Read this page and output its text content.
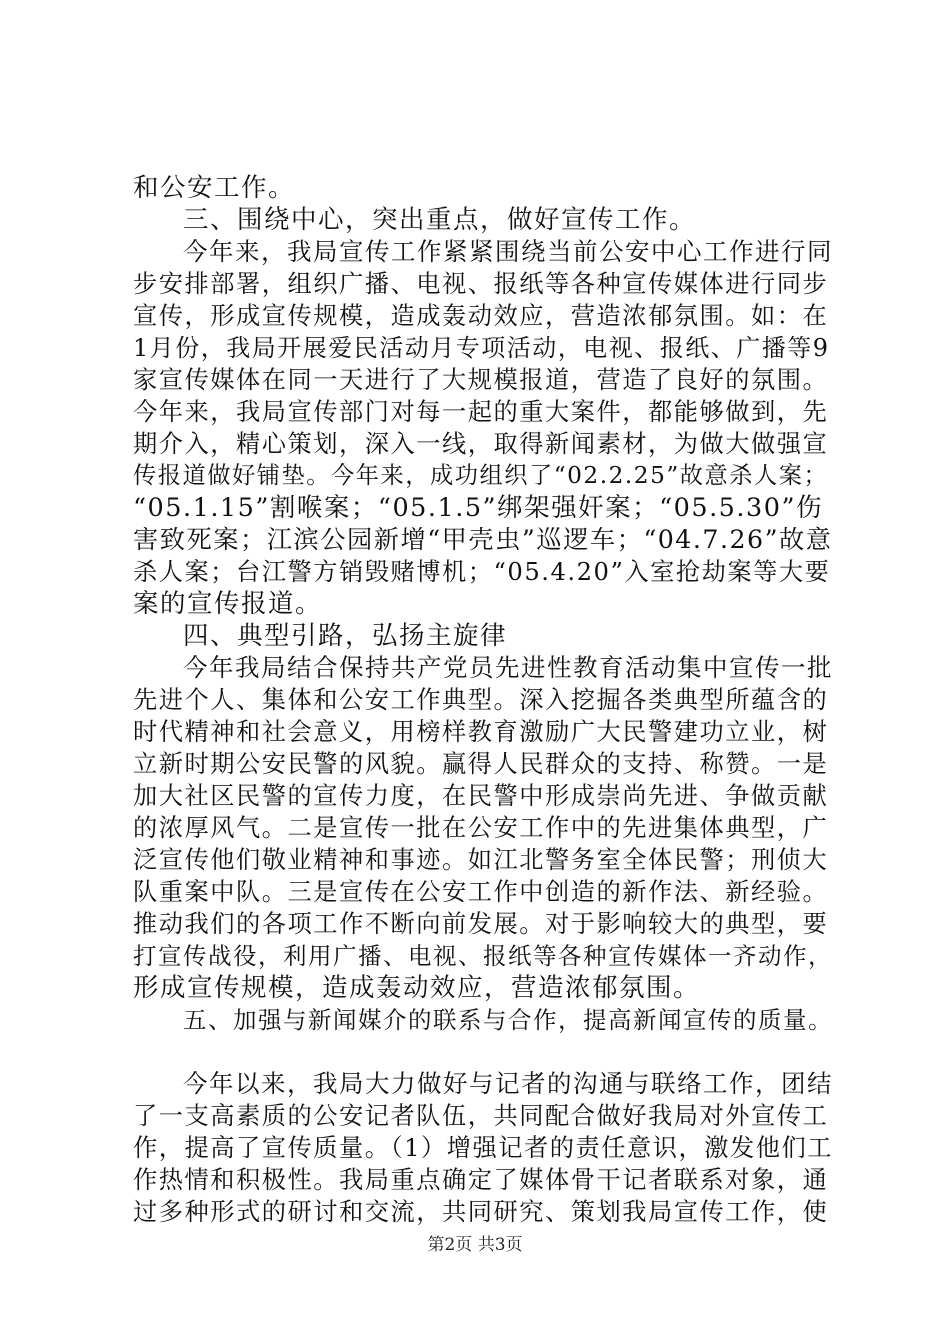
和公安工作。
三、围绕中心，突出重点，做好宣传工作。
今年来，我局宣传工作紧紧围绕当前公安中心工作进行同
步安排部署，组织广播、电视、报纸等各种宣传媒体进行同步
宣传，形成宣传规模，造成轰动效应，营造浓郁氛围。如：在
1月份，我局开展爱民活动月专项活动，电视、报纸、广播等9
家宣传媒体在同一天进行了大规模报道，营造了良好的氛围。
今年来，我局宣传部门对每一起的重大案件，都能够做到，先
期介入，精心策划，深入一线，取得新闻素材，为做大做强宣
传报道做好铺垫。今年来，成功组织了“02.2.25”故意杀人案；
“05.1.15”割喉案；“05.1.5”绑架强奸案；“05.5.30”伤
害致死案；江滨公园新增“甲壳虫”巡逻车；“04.7.26”故意
杀人案；台江警方销毁赌博机；“05.4.20”入室抢劫案等大要
案的宣传报道。
四、典型引路，弘扬主旋律
今年我局结合保持共产党员先进性教育活动集中宣传一批
先进个人、集体和公安工作典型。深入挖掘各类典型所蕴含的
时代精神和社会意义，用榜样教育激励广大民警建功立业，树
立新时期公安民警的风貌。赢得人民群众的支持、称赞。一是
加大社区民警的宣传力度，在民警中形成崇尚先进、争做贡献
的浓厚风气。二是宣传一批在公安工作中的先进集体典型，广
泛宣传他们敬业精神和事迹。如江北警务室全体民警；刑侦大
队重案中队。三是宣传在公安工作中创造的新作法、新经验。
推动我们的各项工作不断向前发展。对于影响较大的典型，要
打宣传战役，利用广播、电视、报纸等各种宣传媒体一齐动作，
形成宣传规模，造成轰动效应，营造浓郁氛围。
五、加强与新闻媒介的联系与合作，提高新闻宣传的质量。
今年以来，我局大力做好与记者的沟通与联络工作，团结
了一支高素质的公安记者队伍，共同配合做好我局对外宣传工
作，提高了宣传质量。（1）增强记者的责任意识，激发他们工
作热情和积极性。我局重点确定了媒体骨干记者联系对象，通
过多种形式的研讨和交流，共同研究、策划我局宣传工作，使
第2页 共3页
